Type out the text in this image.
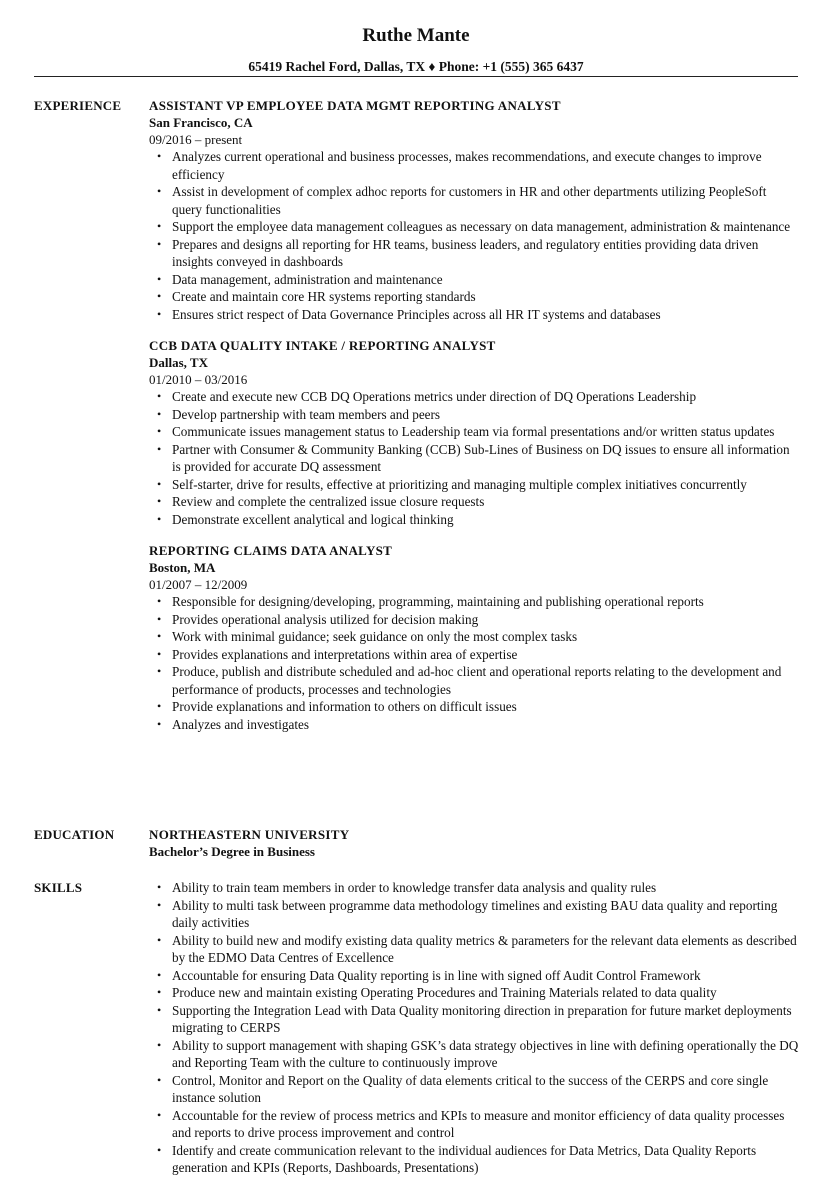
Ruthe Mante
65419 Rachel Ford, Dallas, TX ♦ Phone: +1 (555) 365 6437
EXPERIENCE	ASSISTANT VP EMPLOYEE DATA MGMT REPORTING ANALYST
San Francisco, CA
09/2016 – present
• Analyzes current operational and business processes, makes recommendations, and execute changes to improve efficiency
• Assist in development of complex adhoc reports for customers in HR and other departments utilizing PeopleSoft query functionalities
• Support the employee data management colleagues as necessary on data management, administration & maintenance
• Prepares and designs all reporting for HR teams, business leaders, and regulatory entities providing data driven insights conveyed in dashboards
• Data management, administration and maintenance
• Create and maintain core HR systems reporting standards
• Ensures strict respect of Data Governance Principles across all HR IT systems and databases
CCB DATA QUALITY INTAKE / REPORTING ANALYST
Dallas, TX
01/2010 – 03/2016
• Create and execute new CCB DQ Operations metrics under direction of DQ Operations Leadership
• Develop partnership with team members and peers
• Communicate issues management status to Leadership team via formal presentations and/or written status updates
• Partner with Consumer & Community Banking (CCB) Sub-Lines of Business on DQ issues to ensure all information is provided for accurate DQ assessment
• Self-starter, drive for results, effective at prioritizing and managing multiple complex initiatives concurrently
• Review and complete the centralized issue closure requests
• Demonstrate excellent analytical and logical thinking
REPORTING CLAIMS DATA ANALYST
Boston, MA
01/2007 – 12/2009
• Responsible for designing/developing, programming, maintaining and publishing operational reports
• Provides operational analysis utilized for decision making
• Work with minimal guidance; seek guidance on only the most complex tasks
• Provides explanations and interpretations within area of expertise
• Produce, publish and distribute scheduled and ad-hoc client and operational reports relating to the development and performance of products, processes and technologies
• Provide explanations and information to others on difficult issues
• Analyzes and investigates
EDUCATION	NORTHEASTERN UNIVERSITY
Bachelor’s Degree in Business
SKILLS
•	Ability to train team members in order to knowledge transfer data analysis and quality rules
• Ability to multi task between programme data methodology timelines and existing BAU data quality and reporting daily activities
• Ability to build new and modify existing data quality metrics & parameters for the relevant data elements as described by the EDMO Data Centres of Excellence
• Accountable for ensuring Data Quality reporting is in line with signed off Audit Control Framework
• Produce new and maintain existing Operating Procedures and Training Materials related to data quality
• Supporting the Integration Lead with Data Quality monitoring direction in preparation for future market deployments migrating to CERPS
• Ability to support management with shaping GSK’s data strategy objectives in line with defining operationally the DQ and Reporting Team with the culture to continuously improve
• Control, Monitor and Report on the Quality of data elements critical to the success of the CERPS and core single instance solution
• Accountable for the review of process metrics and KPIs to measure and monitor efficiency of data quality processes and reports to drive process improvement and control
• Identify and create communication relevant to the individual audiences for Data Metrics, Data Quality Reports generation and KPIs (Reports, Dashboards, Presentations)
